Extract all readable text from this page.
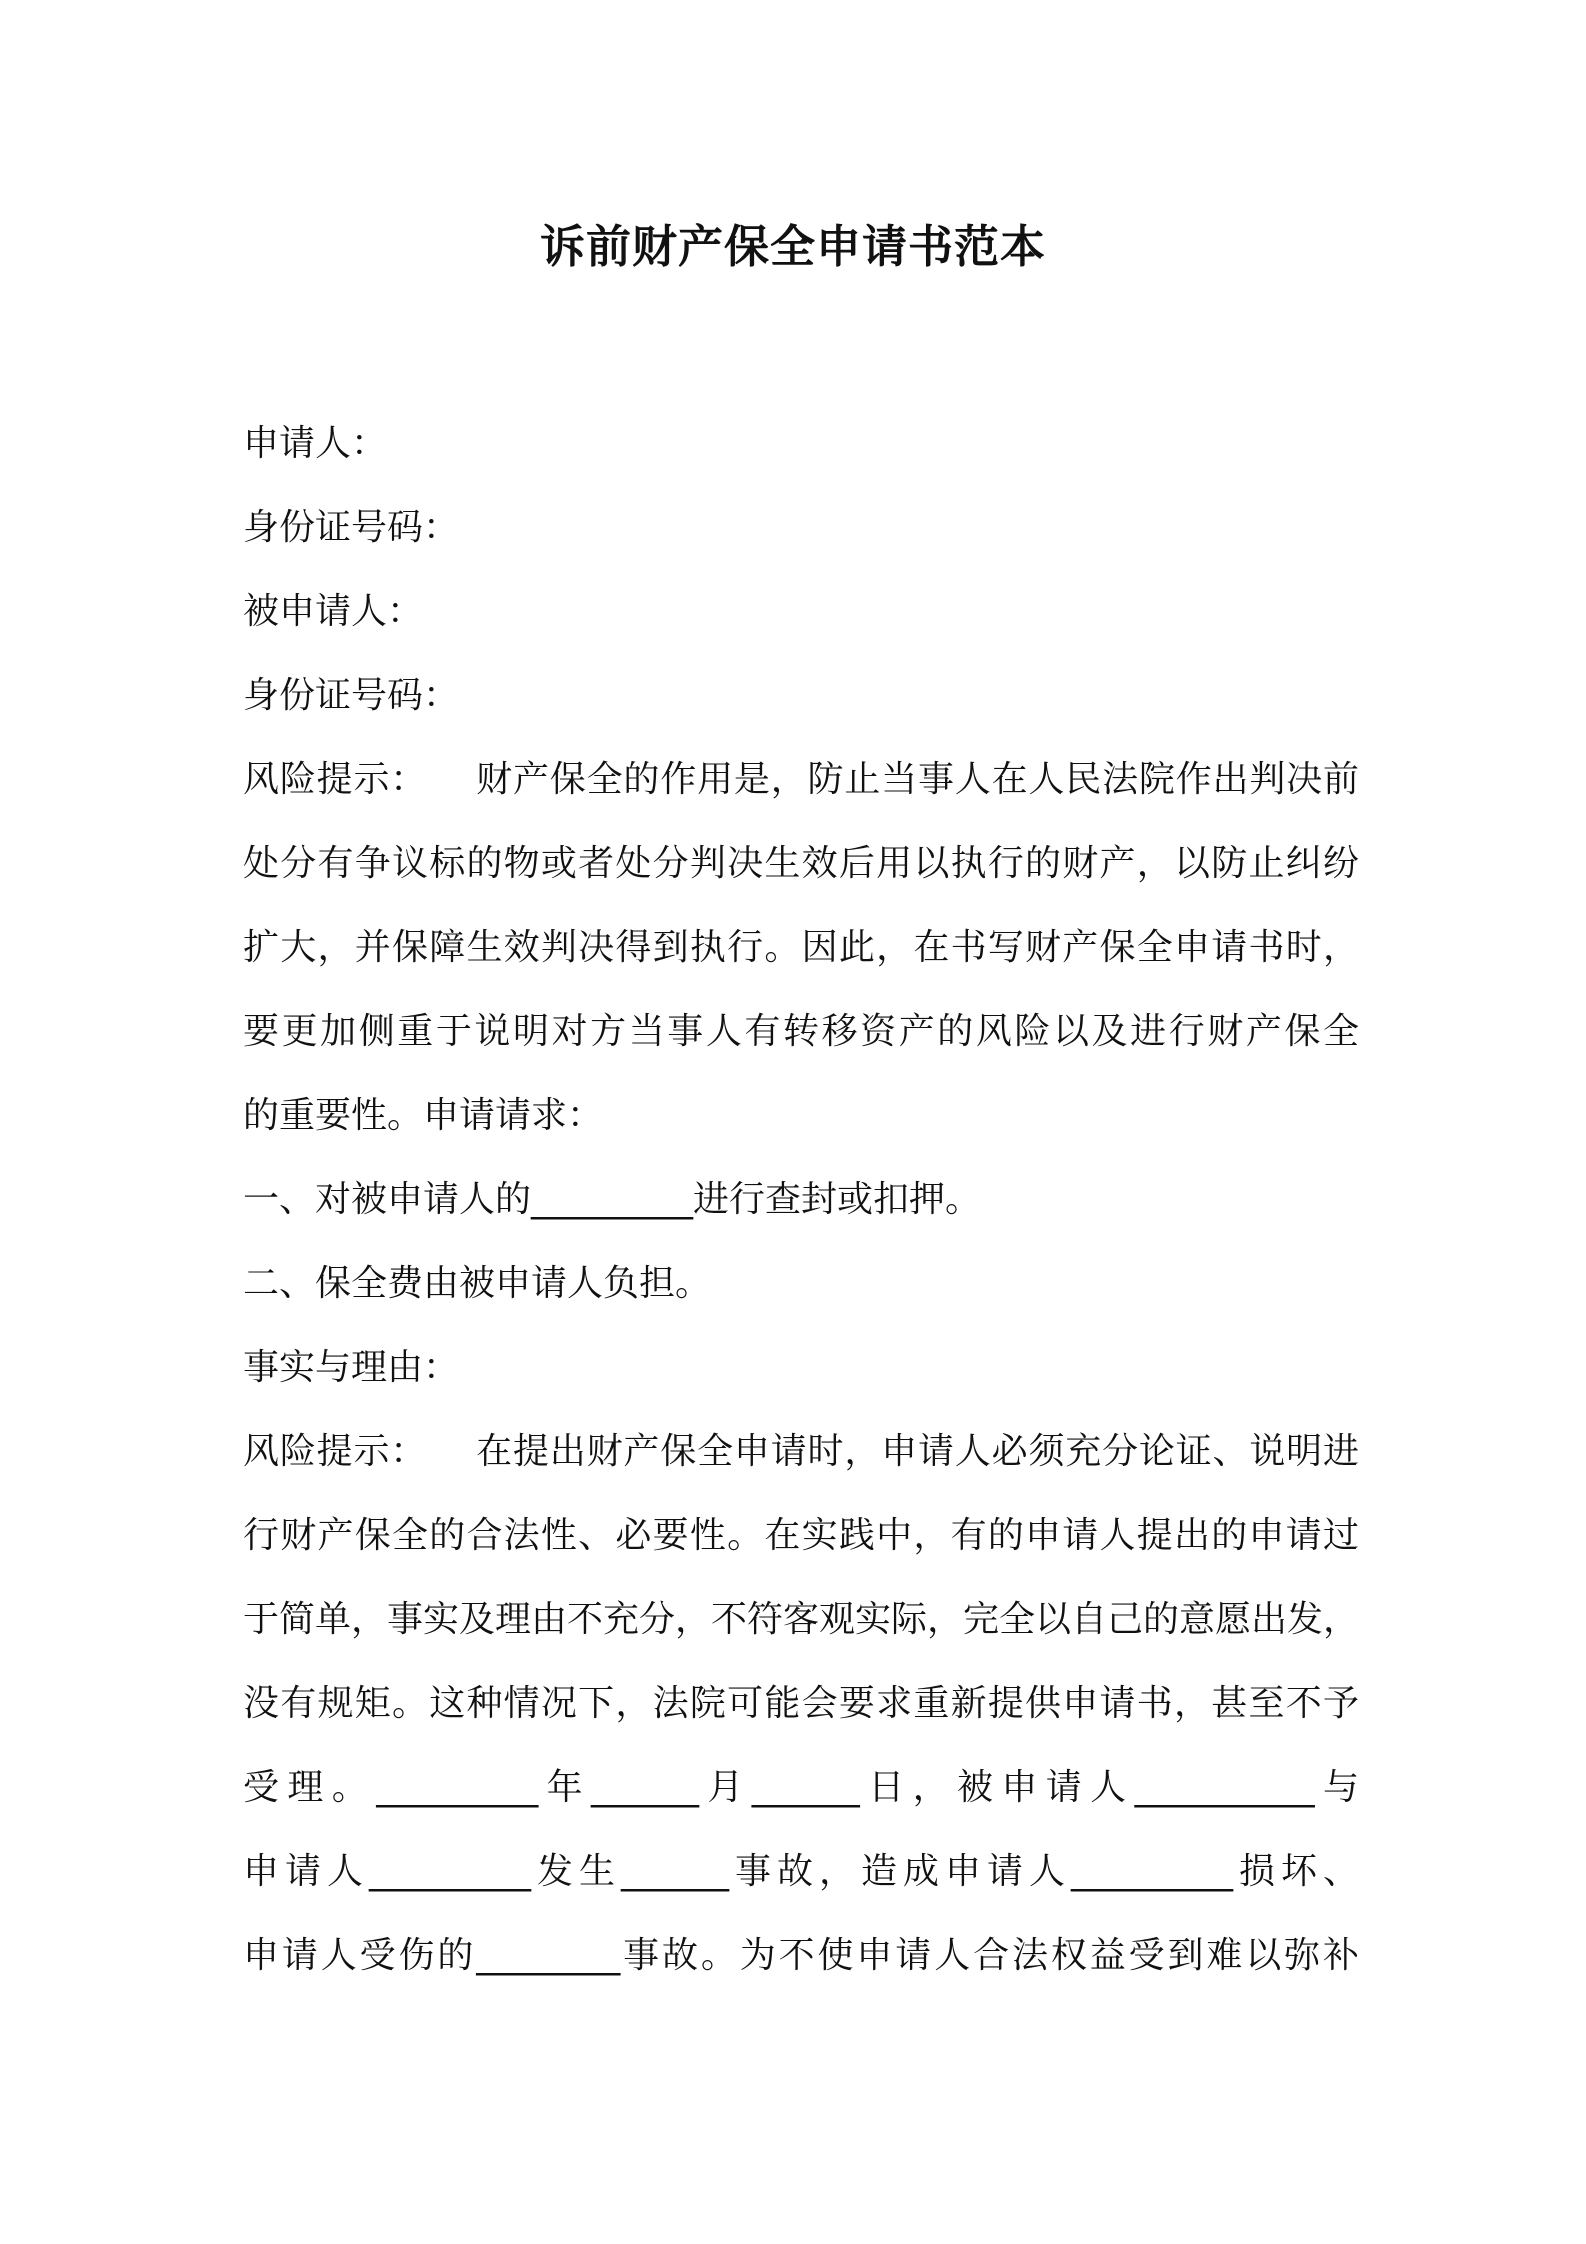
诉前财产保全申请书范本
申请人：
身份证号码：
被申请人：
身份证号码：
风险提示：    财产保全的作用是，防止当事人在人民法院作出判决前
处分有争议标的物或者处分判决生效后用以执行的财产，以防止纠纷
扩大，并保障生效判决得到执行。因此，在书写财产保全申请书时，
要更加侧重于说明对方当事人有转移资产的风险以及进行财产保全
的重要性。申请请求：
一、对被申请人的_________进行查封或扣押。
二、保全费由被申请人负担。
事实与理由：
风险提示：    在提出财产保全申请时，申请人必须充分论证、说明进
行财产保全的合法性、必要性。在实践中，有的申请人提出的申请过
于简单，事实及理由不充分，不符客观实际，完全以自己的意愿出发，
没有规矩。这种情况下，法院可能会要求重新提供申请书，甚至不予
受理。_________年______月______日，被申请人__________与
申请人_________发生______事故，造成申请人_________损坏、
申请人受伤的________事故。为不使申请人合法权益受到难以弥补
